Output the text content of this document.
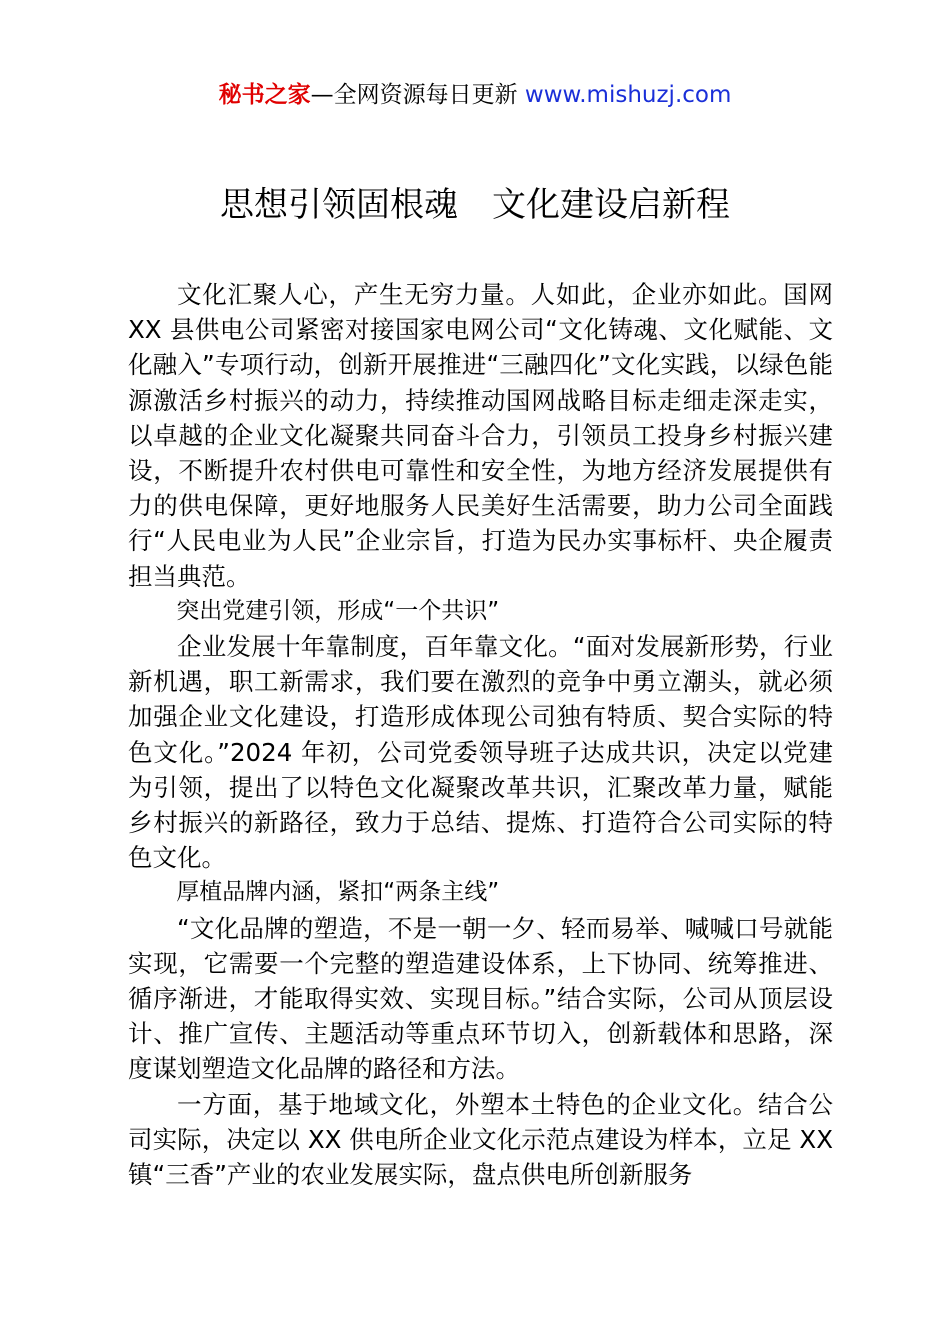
秘书之家—全网资源每日更新 www.mishuzj.com
思想引领固根魂　文化建设启新程

文化汇聚人心，产生无穷力量。人如此，企业亦如此。国网 XX 县供电公司紧密对接国家电网公司“文化铸魂、文化赋能、文化融入”专项行动，创新开展推进“三融四化”文化实践，以绿色能源激活乡村振兴的动力，持续推动国网战略目标走细走深走实，以卓越的企业文化凝聚共同奋斗合力，引领员工投身乡村振兴建设，不断提升农村供电可靠性和安全性，为地方经济发展提供有力的供电保障，更好地服务人民美好生活需要，助力公司全面践行“人民电业为人民”企业宗旨，打造为民办实事标杆、央企履责担当典范。

突出党建引领，形成“一个共识”

企业发展十年靠制度，百年靠文化。“面对发展新形势，行业新机遇，职工新需求，我们要在激烈的竞争中勇立潮头，就必须加强企业文化建设，打造形成体现公司独有特质、契合实际的特色文化。”2024 年初，公司党委领导班子达成共识，决定以党建为引领，提出了以特色文化凝聚改革共识，汇聚改革力量，赋能乡村振兴的新路径，致力于总结、提炼、打造符合公司实际的特色文化。

厚植品牌内涵，紧扣“两条主线”

“文化品牌的塑造，不是一朝一夕、轻而易举、喊喊口号就能实现，它需要一个完整的塑造建设体系，上下协同、统筹推进、循序渐进，才能取得实效、实现目标。”结合实际，公司从顶层设计、推广宣传、主题活动等重点环节切入，创新载体和思路，深度谋划塑造文化品牌的路径和方法。

一方面，基于地域文化，外塑本土特色的企业文化。结合公司实际，决定以 XX 供电所企业文化示范点建设为样本，立足 XX 镇“三香”产业的农业发展实际，盘点供电所创新服务
